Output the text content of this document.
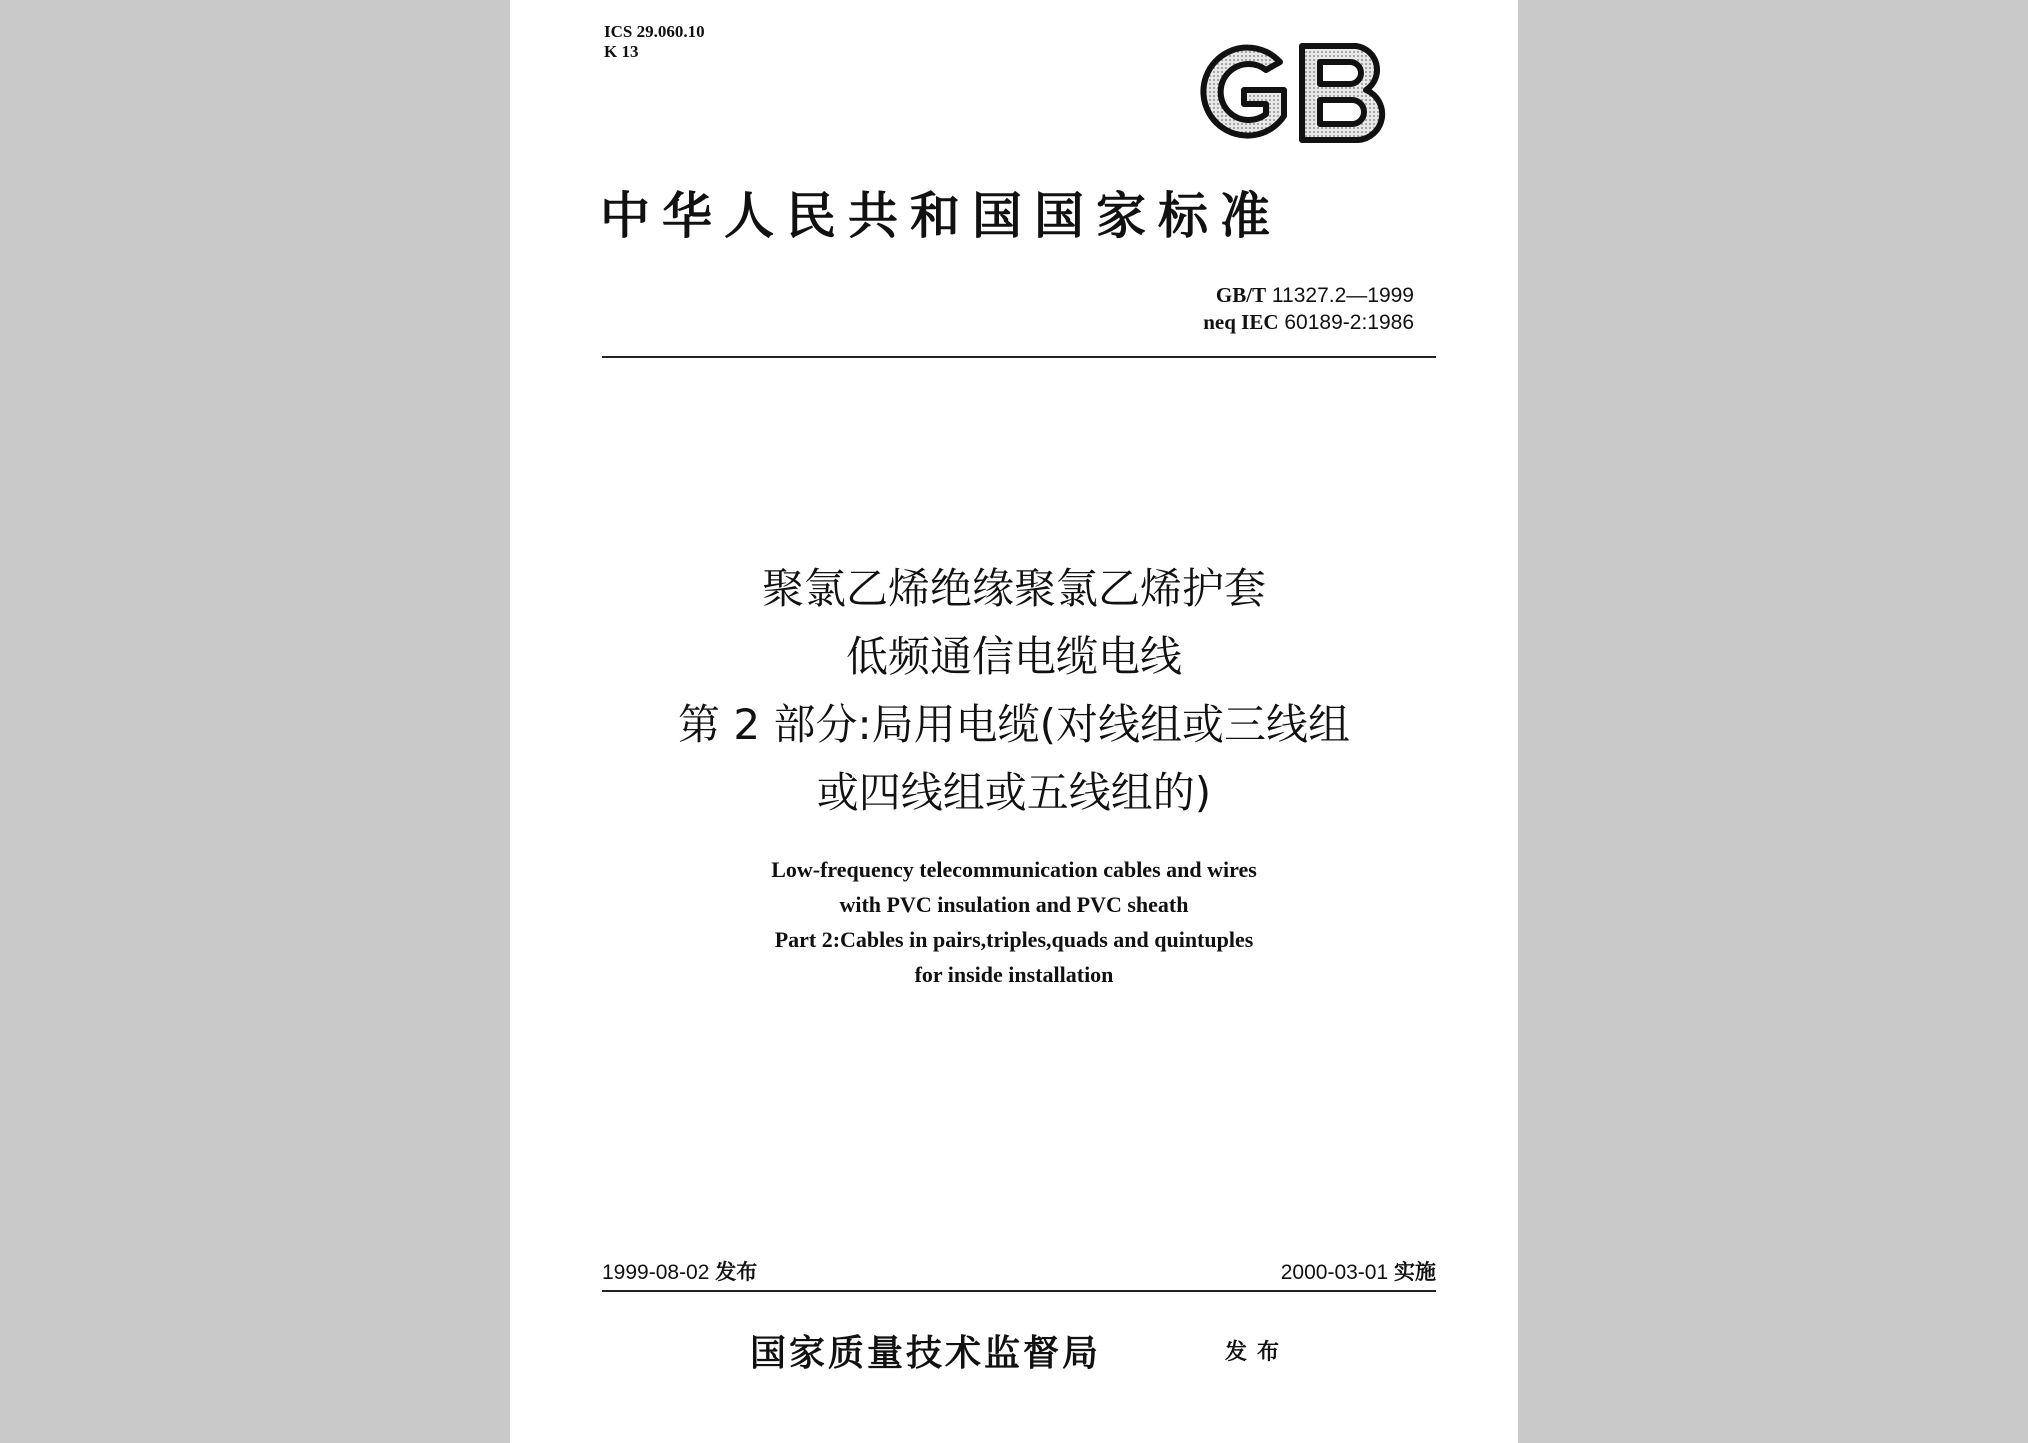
ICS 29.060.10
K 13
中华人民共和国国家标准
GB/T 11327.2—1999
neq IEC 60189-2:1986
聚氯乙烯绝缘聚氯乙烯护套
低频通信电缆电线
第 2 部分:局用电缆(对线组或三线组
或四线组或五线组的)
Low-frequency telecommunication cables and wires
with PVC insulation and PVC sheath
Part 2:Cables in pairs,triples,quads and quintuples
for inside installation
1999-08-02 发布	2000-03-01 实施
国家质量技术监督局	发布
